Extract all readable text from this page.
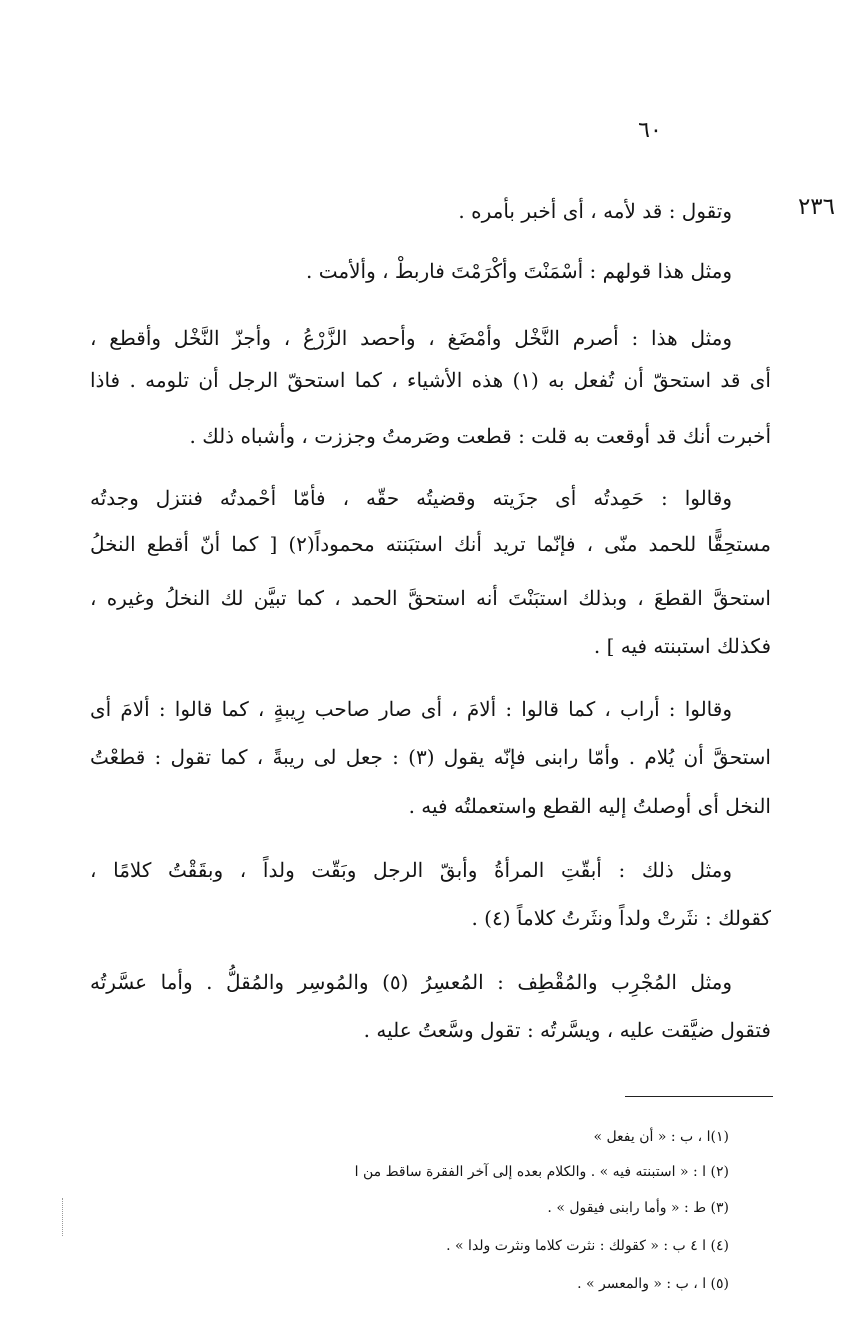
٦٠
٢٣٦
وتقول : قد لأمه ، أى أخبر بأمره .
ومثل هذا قولهم : أسْمَنْتَ وأكْرَمْتَ فاربطْ ، وألأمت .
ومثل هذا : أصرم النَّخْل وأمْضَغ ، وأحصد الزَّرْعُ ، وأجزّ النَّخْل وأقطع ،
أى قد استحقّ أن تُفعل به (١) هذه الأشياء ، كما استحقّ الرجل أن تلومه . فاذا
أخبرت أنك قد أوقعت به قلت : قطعت وصَرمتُ وجززت ، وأشباه ذلك .
وقالوا : حَمِدتُه أى جزَيته وقضيتُه حقّه ، فأمّا أحْمدتُه فنتزل وجدتُه
مستحِقًّا للحمد منّى ، فإنّما تريد أنك استبَنته محموداً(٢) [ كما أنّ أقطع النخلُ
استحقَّ القطعَ ، وبذلك استبَنْتَ أنه استحقَّ الحمد ، كما تبيَّن لك النخلُ وغيره ،
فكذلك استبنته فيه ] .
وقالوا : أراب ، كما قالوا : ألامَ ، أى صار صاحب رِيبةٍ ، كما قالوا : ألامَ أى
استحقَّ أن يُلام . وأمّا رابنى فإنّه يقول (٣) : جعل لى ريبةً ، كما تقول : قطعْتُ
النخل أى أوصلتُ إليه القطع واستعملتُه فيه .
ومثل ذلك : أبقّتِ المرأةُ وأبقّ الرجل وبَقّت ولداً ، وبقَقْتُ كلامًا ،
كقولك : نثَرتْ ولداً ونثَرتُ كلاماً (٤) .
ومثل المُجْرِب والمُقْطِف : المُعسِرُ (٥) والمُوسِر والمُقلُّ . وأما عسَّرتُه
فتقول ضيَّقت عليه ، ويسَّرتُه : تقول وسَّعتُ عليه .
(١)ا ، ب : « أن يفعل »
(٢) ا : « استبنته فيه » . والكلام بعده إلى آخر الفقرة ساقط من ا
(٣) ط : « وأما رابنى فيقول » .
(٤) ا ٤ ب : « كقولك : نثرت كلاما ونثرت ولدا » .
(٥) ا ، ب : « والمعسر » .
